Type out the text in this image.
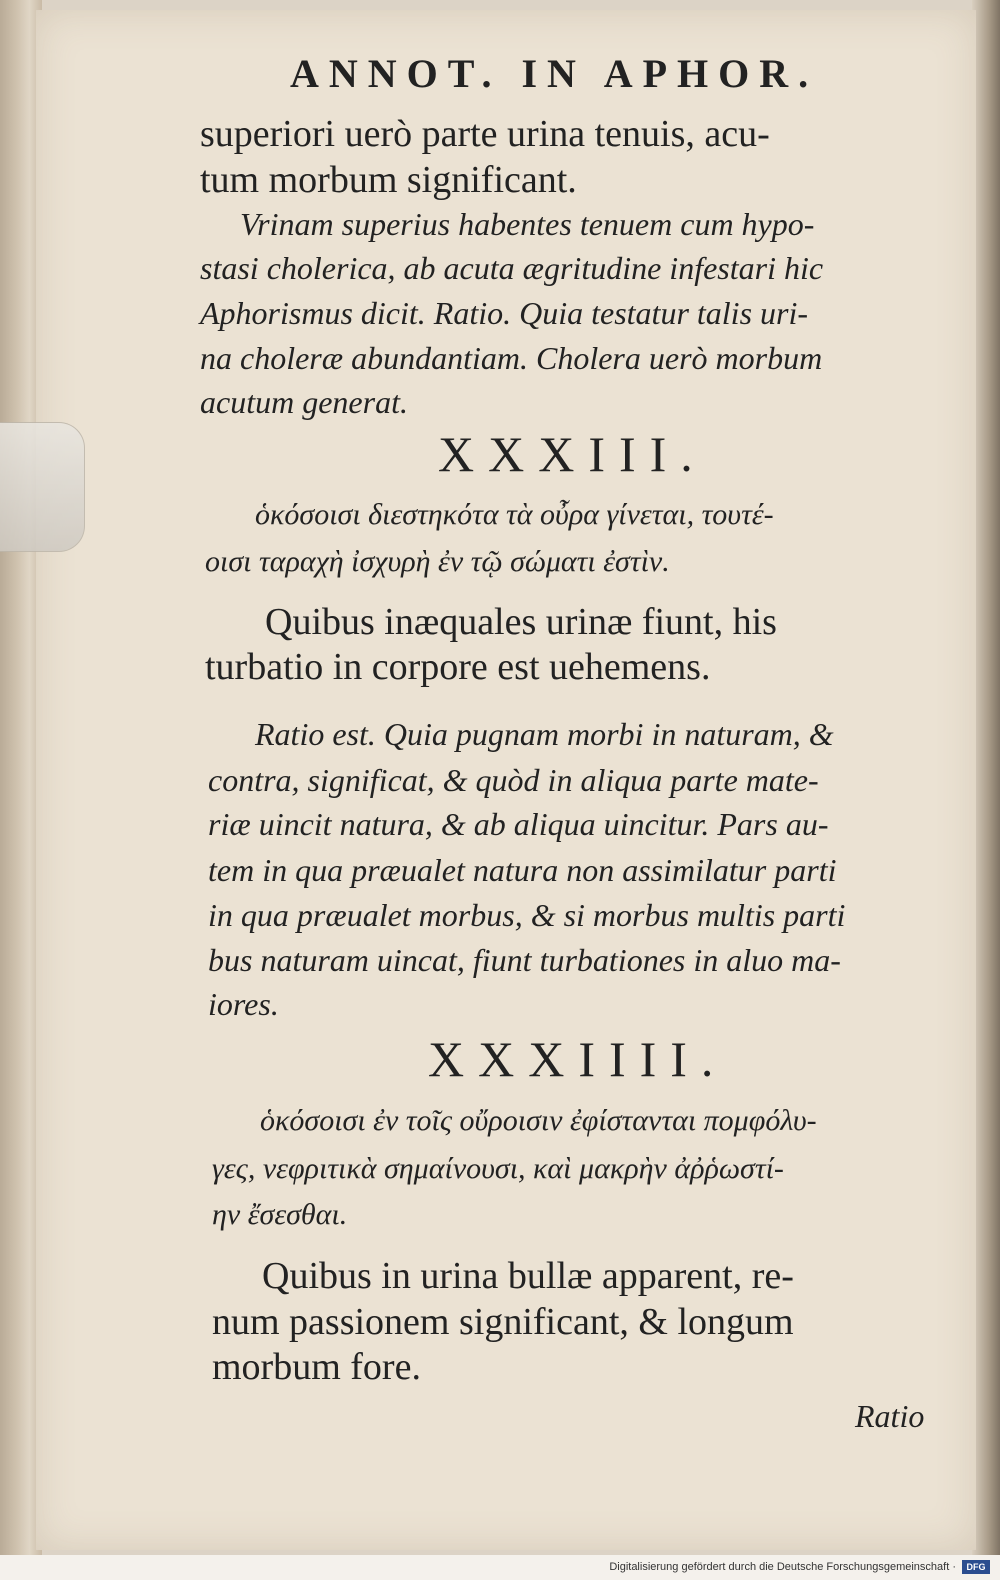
ANNOT. IN APHOR.

superiori uerò parte urina tenuis, acu-

tum morbum significant.

Vrinam superius habentes tenuem cum hypo-

stasi cholerica, ab acuta ægritudine infestari hic

Aphorismus dicit. Ratio. Quia testatur talis uri-

na choleræ abundantiam. Cholera uerò morbum

acutum generat.

XXXIII.

ὁκόσοισι διεστηκότα τὰ οὖρα γίνεται, τουτέ-

οισι ταραχὴ ἰσχυρὴ ἐν τῷ σώματι ἐστὶν.

Quibus inæquales urinæ fiunt, his

turbatio in corpore est uehemens.

Ratio est. Quia pugnam morbi in naturam, &

contra, significat, & quòd in aliqua parte mate-

riæ uincit natura, & ab aliqua uincitur. Pars au-

tem in qua præualet natura non assimilatur parti

in qua præualet morbus, & si morbus multis parti

bus naturam uincat, fiunt turbationes in aluo ma-

iores.

XXXIIII.

ὁκόσοισι ἐν τοῖς οὔροισιν ἐφίστανται πομφόλυ-

γες, νεφριτικὰ σημαίνουσι, καὶ μακρὴν ἀῤῥωστί-

ην ἔσεσθαι.

Quibus in urina bullæ apparent, re-

num passionem significant, & longum

morbum fore.

Ratio

Digitalisierung gefördert durch die Deutsche Forschungsgemeinschaft ·	DFG
